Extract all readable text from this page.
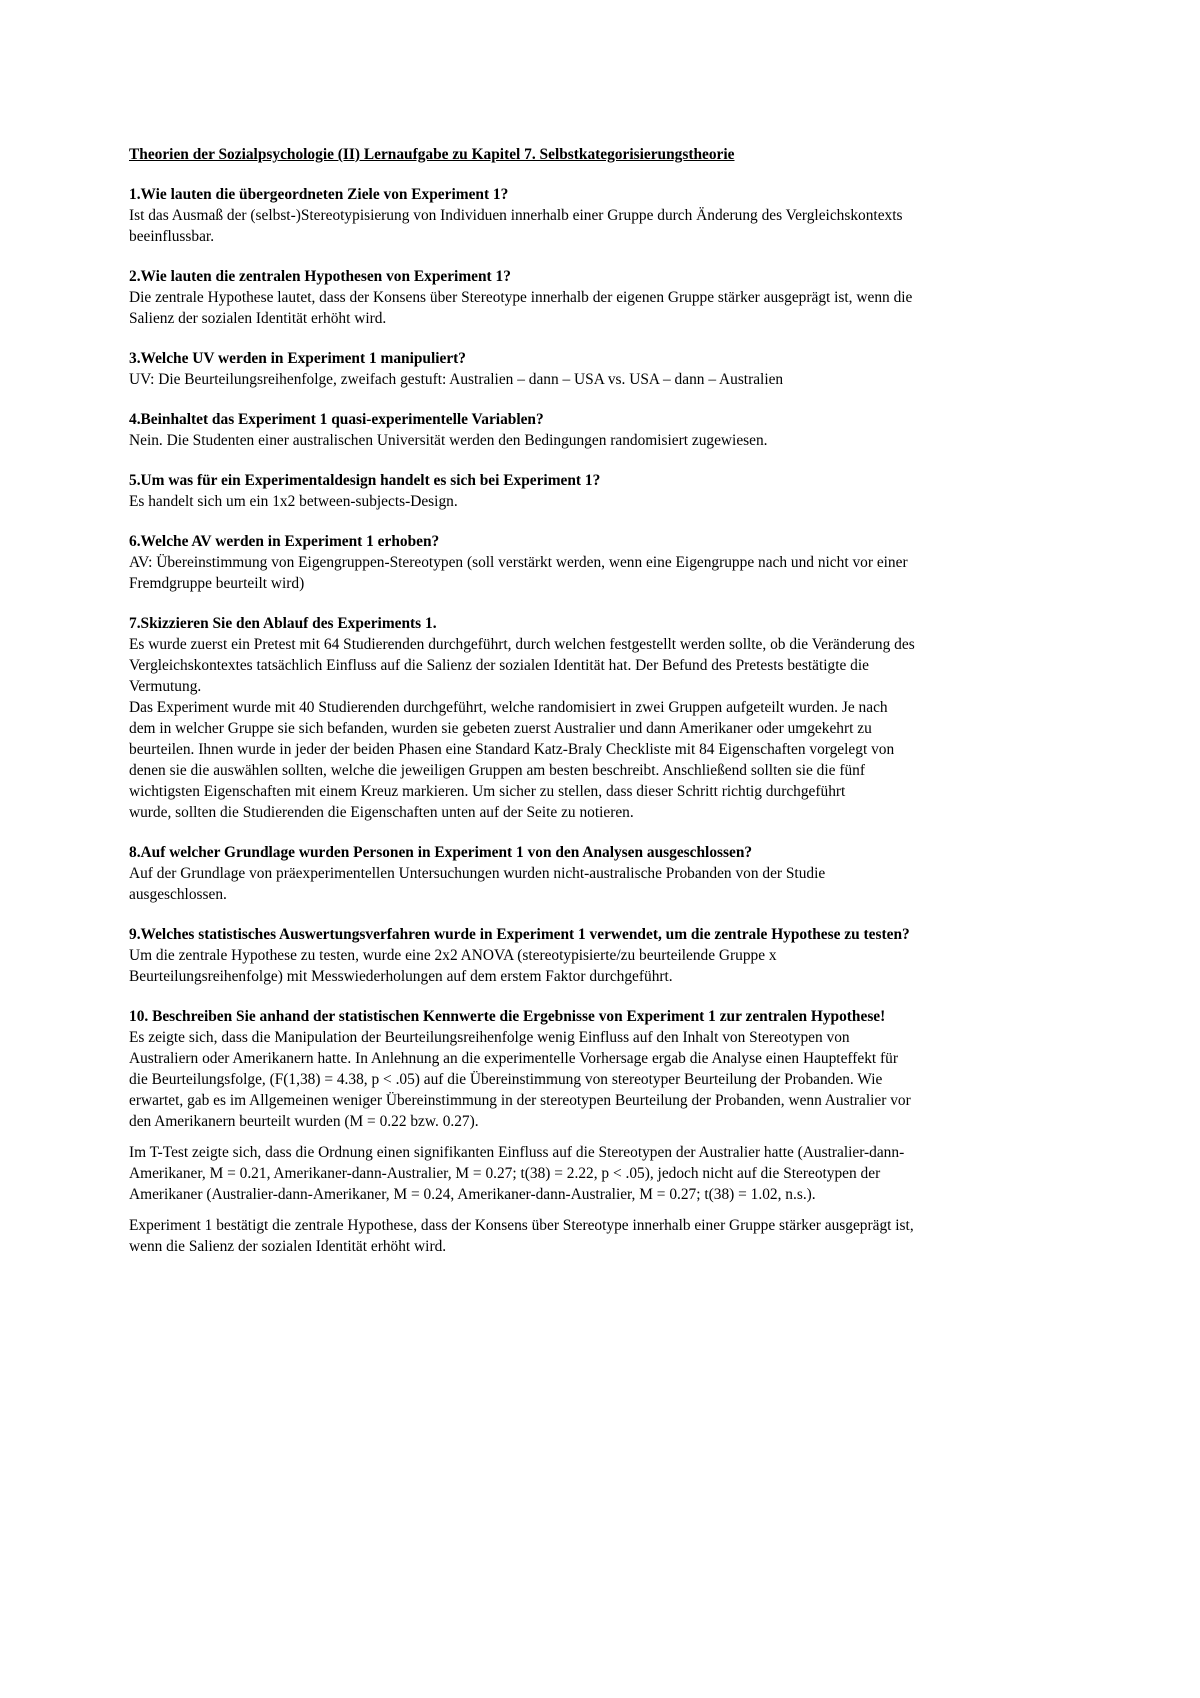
Theorien der Sozialpsychologie (II) Lernaufgabe zu Kapitel 7. Selbstkategorisierungstheorie
1.Wie lauten die übergeordneten Ziele von Experiment 1?
Ist das Ausmaß der (selbst-)Stereotypisierung von Individuen innerhalb einer Gruppe durch Änderung des Vergleichskontexts
beeinflussbar.
2.Wie lauten die zentralen Hypothesen von Experiment 1?
Die zentrale Hypothese lautet, dass der Konsens über Stereotype innerhalb der eigenen Gruppe stärker ausgeprägt ist, wenn die
Salienz der sozialen Identität erhöht wird.
3.Welche UV werden in Experiment 1 manipuliert?
UV: Die Beurteilungsreihenfolge, zweifach gestuft: Australien – dann – USA vs. USA – dann – Australien
4.Beinhaltet das Experiment 1 quasi-experimentelle Variablen?
Nein. Die Studenten einer australischen Universität werden den Bedingungen randomisiert zugewiesen.
5.Um was für ein Experimentaldesign handelt es sich bei Experiment 1?
Es handelt sich um ein 1x2 between-subjects-Design.
6.Welche AV werden in Experiment 1 erhoben?
AV: Übereinstimmung von Eigengruppen-Stereotypen (soll verstärkt werden, wenn eine Eigengruppe nach und nicht vor einer
Fremdgruppe beurteilt wird)
7.Skizzieren Sie den Ablauf des Experiments 1.
Es wurde zuerst ein Pretest mit 64 Studierenden durchgeführt, durch welchen festgestellt werden sollte, ob die Veränderung des
Vergleichskontextes tatsächlich Einfluss auf die Salienz der sozialen Identität hat. Der Befund des Pretests bestätigte die
Vermutung.
Das Experiment wurde mit 40 Studierenden durchgeführt, welche randomisiert in zwei Gruppen aufgeteilt wurden. Je nach
dem in welcher Gruppe sie sich befanden, wurden sie gebeten zuerst Australier und dann Amerikaner oder umgekehrt zu
beurteilen. Ihnen wurde in jeder der beiden Phasen eine Standard Katz-Braly Checkliste mit 84 Eigenschaften vorgelegt von
denen sie die auswählen sollten, welche die jeweiligen Gruppen am besten beschreibt. Anschließend sollten sie die fünf
wichtigsten Eigenschaften mit einem Kreuz markieren. Um sicher zu stellen, dass dieser Schritt richtig durchgeführt
wurde, sollten die Studierenden die Eigenschaften unten auf der Seite zu notieren.
8.Auf welcher Grundlage wurden Personen in Experiment 1 von den Analysen ausgeschlossen?
Auf der Grundlage von präexperimentellen Untersuchungen wurden nicht-australische Probanden von der Studie
ausgeschlossen.
9.Welches statistisches Auswertungsverfahren wurde in Experiment 1 verwendet, um die zentrale Hypothese zu testen?
Um die zentrale Hypothese zu testen, wurde eine 2x2 ANOVA (stereotypisierte/zu beurteilende Gruppe x
Beurteilungsreihenfolge) mit Messwiederholungen auf dem erstem Faktor durchgeführt.
10. Beschreiben Sie anhand der statistischen Kennwerte die Ergebnisse von Experiment 1 zur zentralen Hypothese!
Es zeigte sich, dass die Manipulation der Beurteilungsreihenfolge wenig Einfluss auf den Inhalt von Stereotypen von
Australiern oder Amerikanern hatte. In Anlehnung an die experimentelle Vorhersage ergab die Analyse einen Haupteffekt für
die Beurteilungsfolge, (F(1,38) = 4.38, p < .05) auf die Übereinstimmung von stereotyper Beurteilung der Probanden. Wie
erwartet, gab es im Allgemeinen weniger Übereinstimmung in der stereotypen Beurteilung der Probanden, wenn Australier vor
den Amerikanern beurteilt wurden (M = 0.22 bzw. 0.27).
Im T-Test zeigte sich, dass die Ordnung einen signifikanten Einfluss auf die Stereotypen der Australier hatte (Australier-dann-
Amerikaner, M = 0.21, Amerikaner-dann-Australier, M = 0.27; t(38) = 2.22, p < .05), jedoch nicht auf die Stereotypen der
Amerikaner (Australier-dann-Amerikaner, M = 0.24, Amerikaner-dann-Australier, M = 0.27; t(38) = 1.02, n.s.).
Experiment 1 bestätigt die zentrale Hypothese, dass der Konsens über Stereotype innerhalb einer Gruppe stärker ausgeprägt ist,
wenn die Salienz der sozialen Identität erhöht wird.
